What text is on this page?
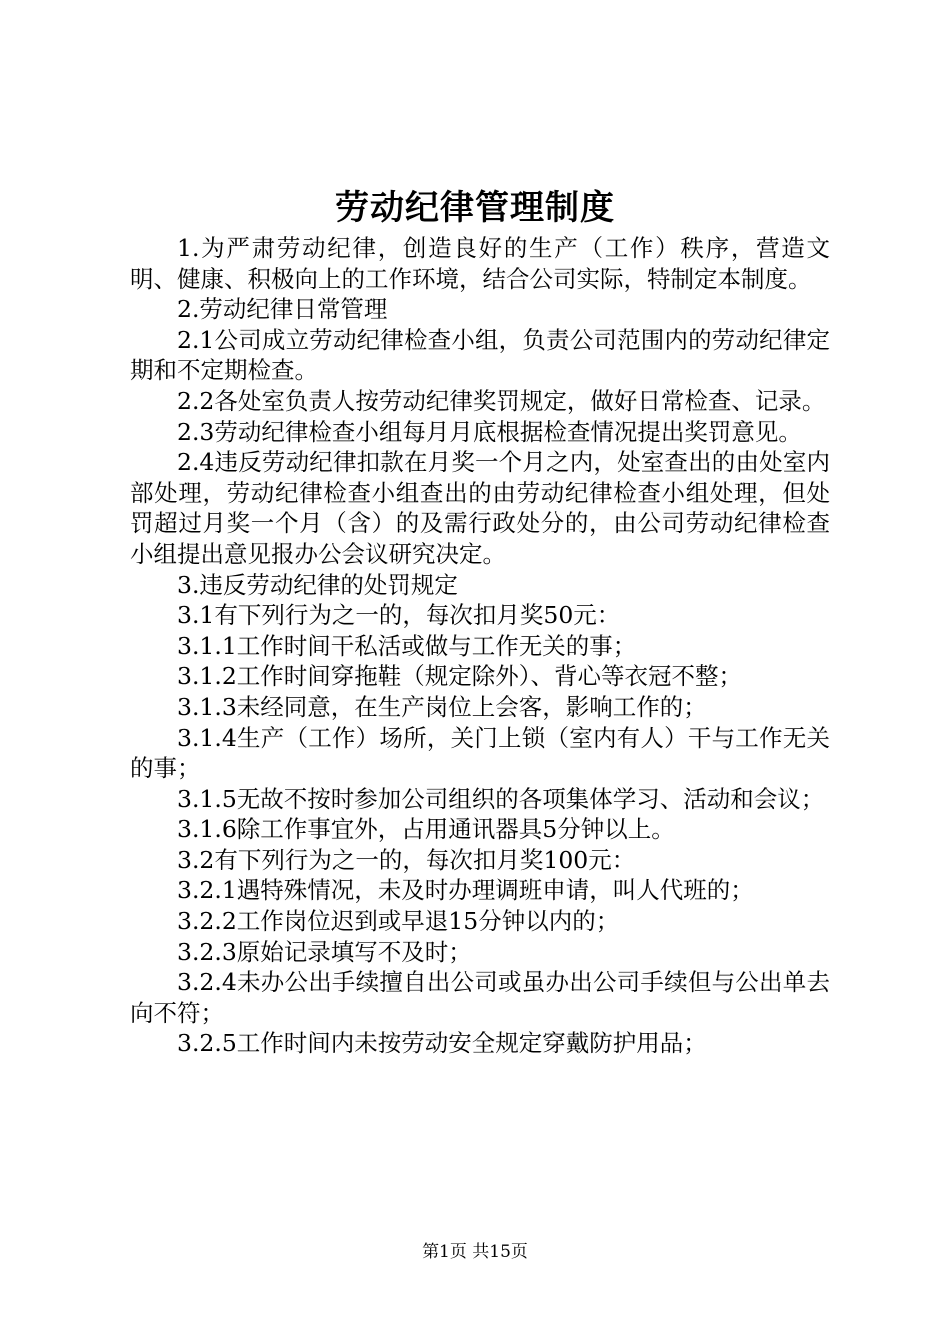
劳动纪律管理制度

1.为严肃劳动纪律，创造良好的生产（工作）秩序，营造文明、健康、积极向上的工作环境，结合公司实际，特制定本制度。

2.劳动纪律日常管理

2.1公司成立劳动纪律检查小组，负责公司范围内的劳动纪律定期和不定期检查。

2.2各处室负责人按劳动纪律奖罚规定，做好日常检查、记录。

2.3劳动纪律检查小组每月月底根据检查情况提出奖罚意见。

2.4违反劳动纪律扣款在月奖一个月之内，处室查出的由处室内部处理，劳动纪律检查小组查出的由劳动纪律检查小组处理，但处罚超过月奖一个月（含）的及需行政处分的，由公司劳动纪律检查小组提出意见报办公会议研究决定。

3.违反劳动纪律的处罚规定

3.1有下列行为之一的，每次扣月奖50元：

3.1.1工作时间干私活或做与工作无关的事；

3.1.2工作时间穿拖鞋（规定除外）、背心等衣冠不整；

3.1.3未经同意，在生产岗位上会客，影响工作的；

3.1.4生产（工作）场所，关门上锁（室内有人）干与工作无关的事；

3.1.5无故不按时参加公司组织的各项集体学习、活动和会议；

3.1.6除工作事宜外，占用通讯器具5分钟以上。

3.2有下列行为之一的，每次扣月奖100元：

3.2.1遇特殊情况，未及时办理调班申请，叫人代班的；

3.2.2工作岗位迟到或早退15分钟以内的；

3.2.3原始记录填写不及时；

3.2.4未办公出手续擅自出公司或虽办出公司手续但与公出单去向不符；

3.2.5工作时间内未按劳动安全规定穿戴防护用品；

第1页 共15页
